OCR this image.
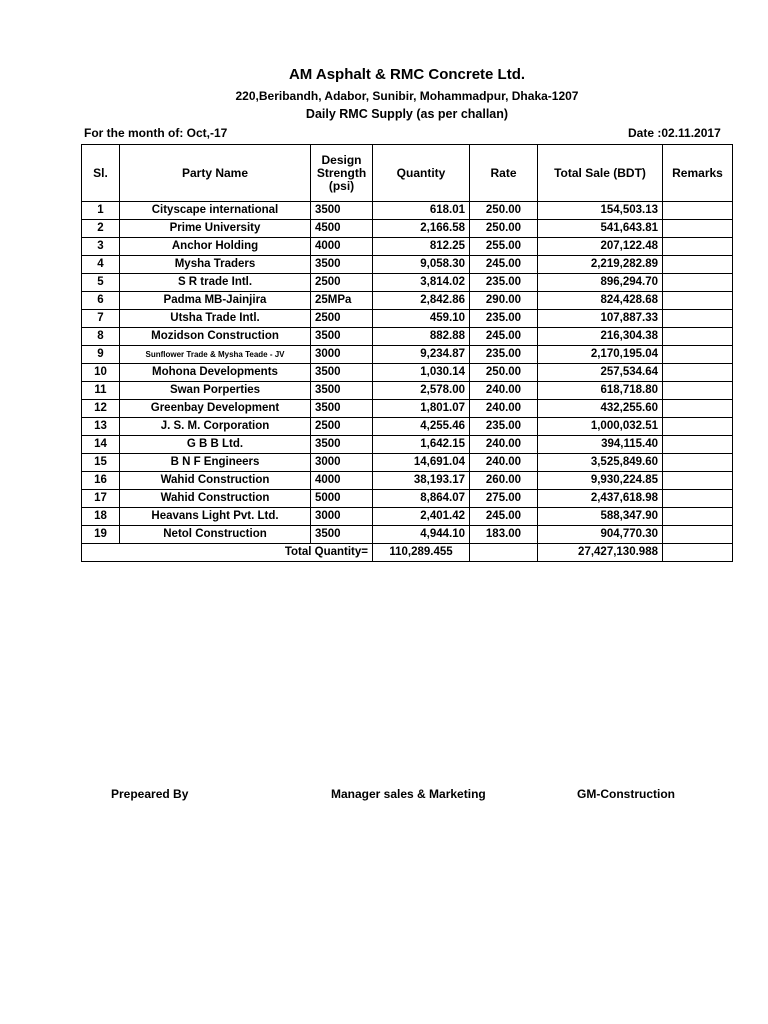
AM Asphalt & RMC Concrete Ltd.
220,Beribandh, Adabor, Sunibir, Mohammadpur, Dhaka-1207
Daily RMC Supply (as per challan)
For the month of: Oct,-17	Date :02.11.2017
Sl.	Party Name	Design
Strength
(psi)	Quantity	Rate	Total Sale (BDT)	Remarks
1	Cityscape international	3500	618.01	250.00	154,503.13	
2	Prime University	4500	2,166.58	250.00	541,643.81	
3	Anchor Holding	4000	812.25	255.00	207,122.48	
4	Mysha Traders	3500	9,058.30	245.00	2,219,282.89	
5	S R trade Intl.	2500	3,814.02	235.00	896,294.70	
6	Padma MB-Jainjira	25MPa	2,842.86	290.00	824,428.68	
7	Utsha Trade Intl.	2500	459.10	235.00	107,887.33	
8	Mozidson Construction	3500	882.88	245.00	216,304.38	
9	Sunflower Trade & Mysha Teade - JV	3000	9,234.87	235.00	2,170,195.04	
10	Mohona Developments	3500	1,030.14	250.00	257,534.64	
11	Swan Porperties	3500	2,578.00	240.00	618,718.80	
12	Greenbay Development	3500	1,801.07	240.00	432,255.60	
13	J. S. M. Corporation	2500	4,255.46	235.00	1,000,032.51	
14	G B B Ltd.	3500	1,642.15	240.00	394,115.40	
15	B N F Engineers	3000	14,691.04	240.00	3,525,849.60	
16	Wahid Construction	4000	38,193.17	260.00	9,930,224.85	
17	Wahid Construction	5000	8,864.07	275.00	2,437,618.98	
18	Heavans Light Pvt. Ltd.	3000	2,401.42	245.00	588,347.90	
19	Netol Construction	3500	4,944.10	183.00	904,770.30	
Total Quantity=			110,289.455		27,427,130.988	
Prepeared By	Manager sales & Marketing	GM-Construction
